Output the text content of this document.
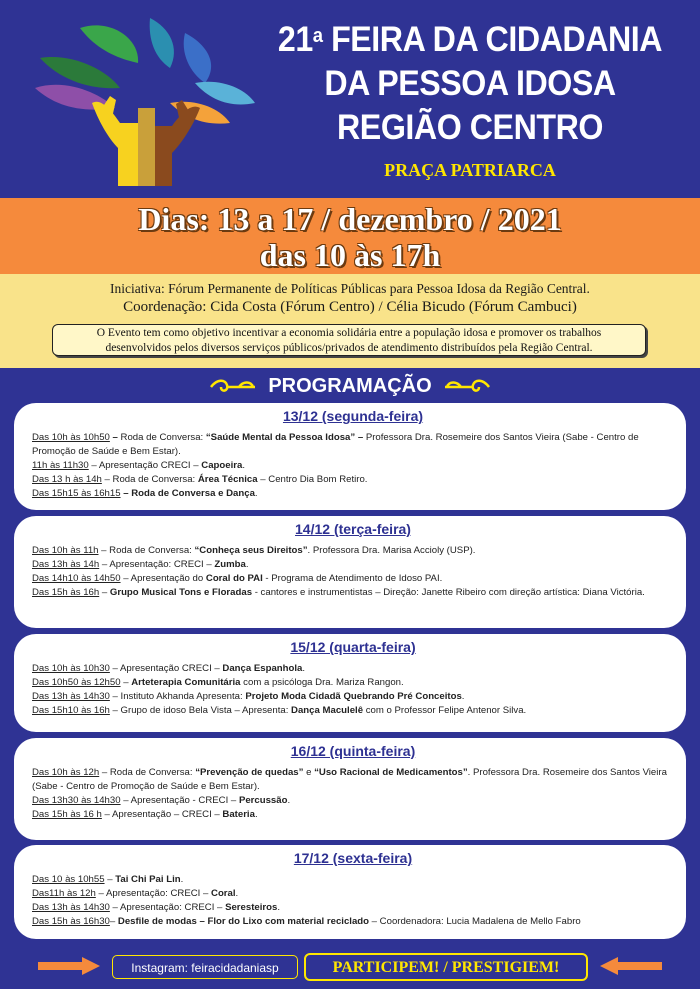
21$^a$ FEIRA DA CIDADANIA
DA PESSOA IDOSA
REGIÃO CENTRO
PRAÇA PATRIARCA
Dias: 13 a 17 / dezembro / 2021
das 10 às 17h
Iniciativa: Fórum Permanente de Políticas Públicas para Pessoa Idosa da Região Central.
Coordenação: Cida Costa (Fórum Centro) / Célia Bicudo (Fórum Cambuci)
O Evento tem como objetivo incentivar a economia solidária entre a população idosa e promover os trabalhos
desenvolvidos pelos diversos serviços públicos/privados de atendimento distribuídos pela Região Central.
PROGRAMAÇÃO
13/12 (segunda-feira)
Das 10h às 10h50 – Roda de Conversa: “Saúde Mental da Pessoa Idosa” – Professora Dra. Rosemeire dos Santos Vieira (Sabe - Centro de Promoção de Saúde e Bem Estar).
11h às 11h30 – Apresentação CRECI – Capoeira.
Das 13 h às 14h – Roda de Conversa: Área Técnica – Centro Dia Bom Retiro.
Das 15h15 às 16h15 – Roda de Conversa e Dança.
14/12 (terça-feira)
Das 10h às 11h – Roda de Conversa: “Conheça seus Direitos”. Professora Dra. Marisa Accioly (USP).
Das 13h às 14h – Apresentação: CRECI – Zumba.
Das 14h10 às 14h50 – Apresentação do Coral do PAI - Programa de Atendimento de Idoso PAI.
Das 15h às 16h – Grupo Musical Tons e Floradas - cantores e instrumentistas – Direção: Janette Ribeiro com direção artística: Diana Victória.
15/12 (quarta-feira)
Das 10h às 10h30 – Apresentação CRECI – Dança Espanhola.
Das 10h50 às 12h50 – Arteterapia Comunitária com a psicóloga Dra. Mariza Rangon.
Das 13h às 14h30 – Instituto Akhanda Apresenta: Projeto Moda Cidadã Quebrando Pré Conceitos.
Das 15h10 às 16h – Grupo de idoso Bela Vista – Apresenta: Dança Maculelê com o Professor Felipe Antenor Silva.
16/12 (quinta-feira)
Das 10h às 12h – Roda de Conversa: “Prevenção de quedas” e “Uso Racional de Medicamentos”. Professora Dra. Rosemeire dos Santos Vieira (Sabe - Centro de Promoção de Saúde e Bem Estar).
Das 13h30 às 14h30 – Apresentação - CRECI – Percussão.
Das 15h às 16 h – Apresentação – CRECI – Bateria.
17/12 (sexta-feira)
Das 10 às 10h55 – Tai Chi Pai Lin.
Das11h às 12h – Apresentação: CRECI – Coral.
Das 13h às 14h30 – Apresentação: CRECI – Seresteiros.
Das 15h às 16h30– Desfile de modas – Flor do Lixo com material reciclado – Coordenadora: Lucia Madalena de Mello Fabro
Instagram: feiracidadaniasp	PARTICIPEM! / PRESTIGIEM!
